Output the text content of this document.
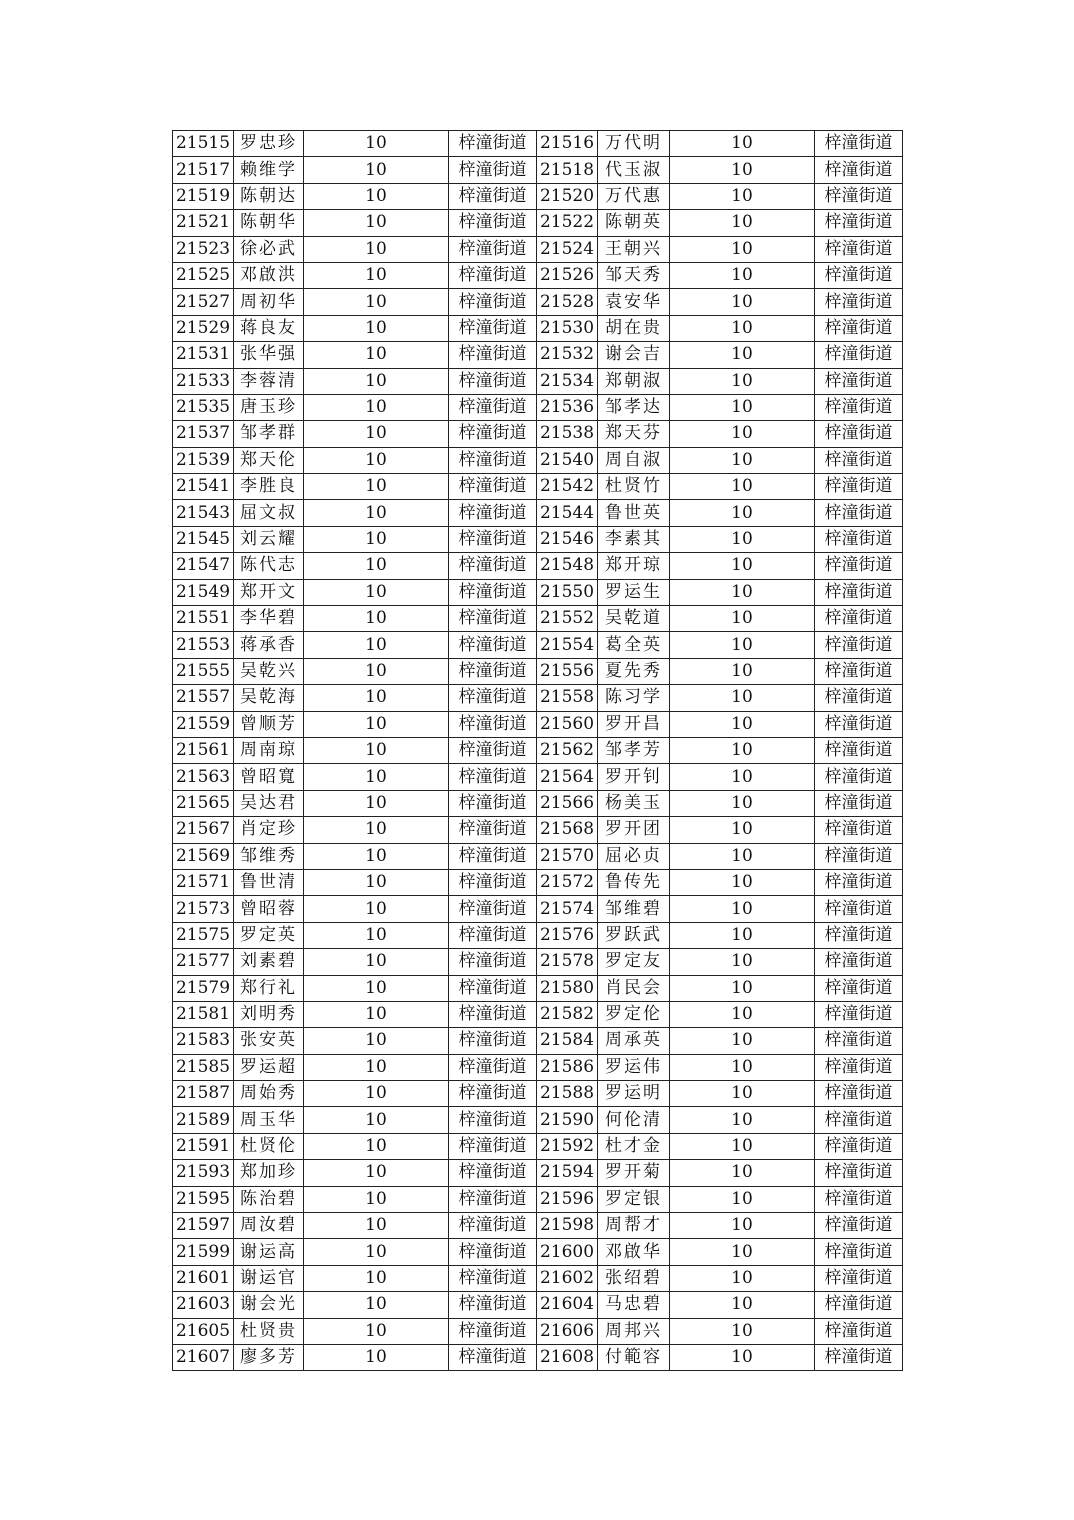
21515	罗忠珍	10	梓潼街道	21516	万代明	10	梓潼街道
21517	赖维学	10	梓潼街道	21518	代玉淑	10	梓潼街道
21519	陈朝达	10	梓潼街道	21520	万代惠	10	梓潼街道
21521	陈朝华	10	梓潼街道	21522	陈朝英	10	梓潼街道
21523	徐必武	10	梓潼街道	21524	王朝兴	10	梓潼街道
21525	邓啟洪	10	梓潼街道	21526	邹天秀	10	梓潼街道
21527	周初华	10	梓潼街道	21528	袁安华	10	梓潼街道
21529	蒋良友	10	梓潼街道	21530	胡在贵	10	梓潼街道
21531	张华强	10	梓潼街道	21532	谢会吉	10	梓潼街道
21533	李蓉清	10	梓潼街道	21534	郑朝淑	10	梓潼街道
21535	唐玉珍	10	梓潼街道	21536	邹孝达	10	梓潼街道
21537	邹孝群	10	梓潼街道	21538	郑天芬	10	梓潼街道
21539	郑天伦	10	梓潼街道	21540	周自淑	10	梓潼街道
21541	李胜良	10	梓潼街道	21542	杜贤竹	10	梓潼街道
21543	屈文叔	10	梓潼街道	21544	鲁世英	10	梓潼街道
21545	刘云耀	10	梓潼街道	21546	李素其	10	梓潼街道
21547	陈代志	10	梓潼街道	21548	郑开琼	10	梓潼街道
21549	郑开文	10	梓潼街道	21550	罗运生	10	梓潼街道
21551	李华碧	10	梓潼街道	21552	吴乾道	10	梓潼街道
21553	蒋承香	10	梓潼街道	21554	葛全英	10	梓潼街道
21555	吴乾兴	10	梓潼街道	21556	夏先秀	10	梓潼街道
21557	吴乾海	10	梓潼街道	21558	陈习学	10	梓潼街道
21559	曾顺芳	10	梓潼街道	21560	罗开昌	10	梓潼街道
21561	周南琼	10	梓潼街道	21562	邹孝芳	10	梓潼街道
21563	曾昭寬	10	梓潼街道	21564	罗开钊	10	梓潼街道
21565	吴达君	10	梓潼街道	21566	杨美玉	10	梓潼街道
21567	肖定珍	10	梓潼街道	21568	罗开团	10	梓潼街道
21569	邹维秀	10	梓潼街道	21570	屈必贞	10	梓潼街道
21571	鲁世清	10	梓潼街道	21572	鲁传先	10	梓潼街道
21573	曾昭蓉	10	梓潼街道	21574	邹维碧	10	梓潼街道
21575	罗定英	10	梓潼街道	21576	罗跃武	10	梓潼街道
21577	刘素碧	10	梓潼街道	21578	罗定友	10	梓潼街道
21579	郑行礼	10	梓潼街道	21580	肖民会	10	梓潼街道
21581	刘明秀	10	梓潼街道	21582	罗定伦	10	梓潼街道
21583	张安英	10	梓潼街道	21584	周承英	10	梓潼街道
21585	罗运超	10	梓潼街道	21586	罗运伟	10	梓潼街道
21587	周始秀	10	梓潼街道	21588	罗运明	10	梓潼街道
21589	周玉华	10	梓潼街道	21590	何伦清	10	梓潼街道
21591	杜贤伦	10	梓潼街道	21592	杜才金	10	梓潼街道
21593	郑加珍	10	梓潼街道	21594	罗开菊	10	梓潼街道
21595	陈治碧	10	梓潼街道	21596	罗定银	10	梓潼街道
21597	周汝碧	10	梓潼街道	21598	周帮才	10	梓潼街道
21599	谢运高	10	梓潼街道	21600	邓啟华	10	梓潼街道
21601	谢运官	10	梓潼街道	21602	张绍碧	10	梓潼街道
21603	谢会光	10	梓潼街道	21604	马忠碧	10	梓潼街道
21605	杜贤贵	10	梓潼街道	21606	周邦兴	10	梓潼街道
21607	廖多芳	10	梓潼街道	21608	付範容	10	梓潼街道
